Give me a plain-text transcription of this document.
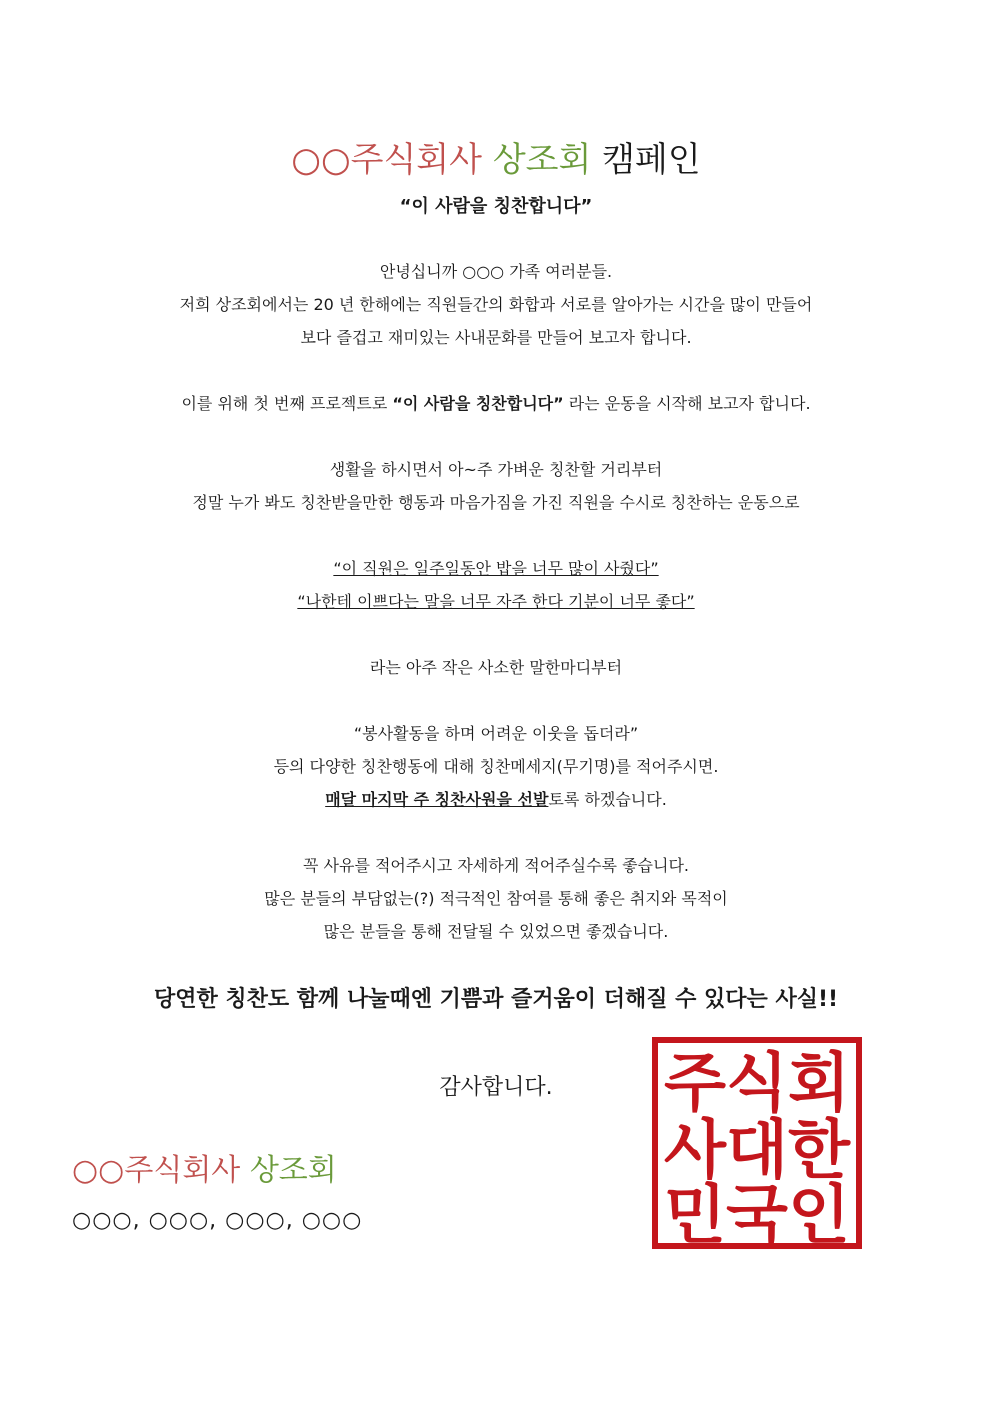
○○주식회사 상조회 캠페인
“이 사람을 칭찬합니다”
안녕십니까 ○○○ 가족 여러분들.
저희 상조회에서는 20 년 한해에는 직원들간의 화합과 서로를 알아가는 시간을 많이 만들어
보다 즐겁고 재미있는 사내문화를 만들어 보고자 합니다.
이를 위해 첫 번째 프로젝트로 “이 사람을 칭찬합니다” 라는 운동을 시작해 보고자 합니다.
생활을 하시면서 아~주 가벼운 칭찬할 거리부터
정말 누가 봐도 칭찬받을만한 행동과 마음가짐을 가진 직원을 수시로 칭찬하는 운동으로
“이 직원은 일주일동안 밥을 너무 많이 사줬다”
“나한테 이쁘다는 말을 너무 자주 한다 기분이 너무 좋다”
라는 아주 작은 사소한 말한마디부터
“봉사활동을 하며 어려운 이웃을 돕더라”
등의 다양한 칭찬행동에 대해 칭찬메세지(무기명)를 적어주시면.
매달 마지막 주 칭찬사원을 선발토록 하겠습니다.
꼭 사유를 적어주시고 자세하게 적어주실수록 좋습니다.
많은 분들의 부담없는(?) 적극적인 참여를 통해 좋은 취지와 목적이
많은 분들을 통해 전달될 수 있었으면 좋겠습니다.
당연한 칭찬도 함께 나눌때엔 기쁨과 즐거움이 더해질 수 있다는 사실!!
감사합니다.
○○주식회사 상조회
○○○, ○○○, ○○○, ○○○
주식회
사대한
민국인
